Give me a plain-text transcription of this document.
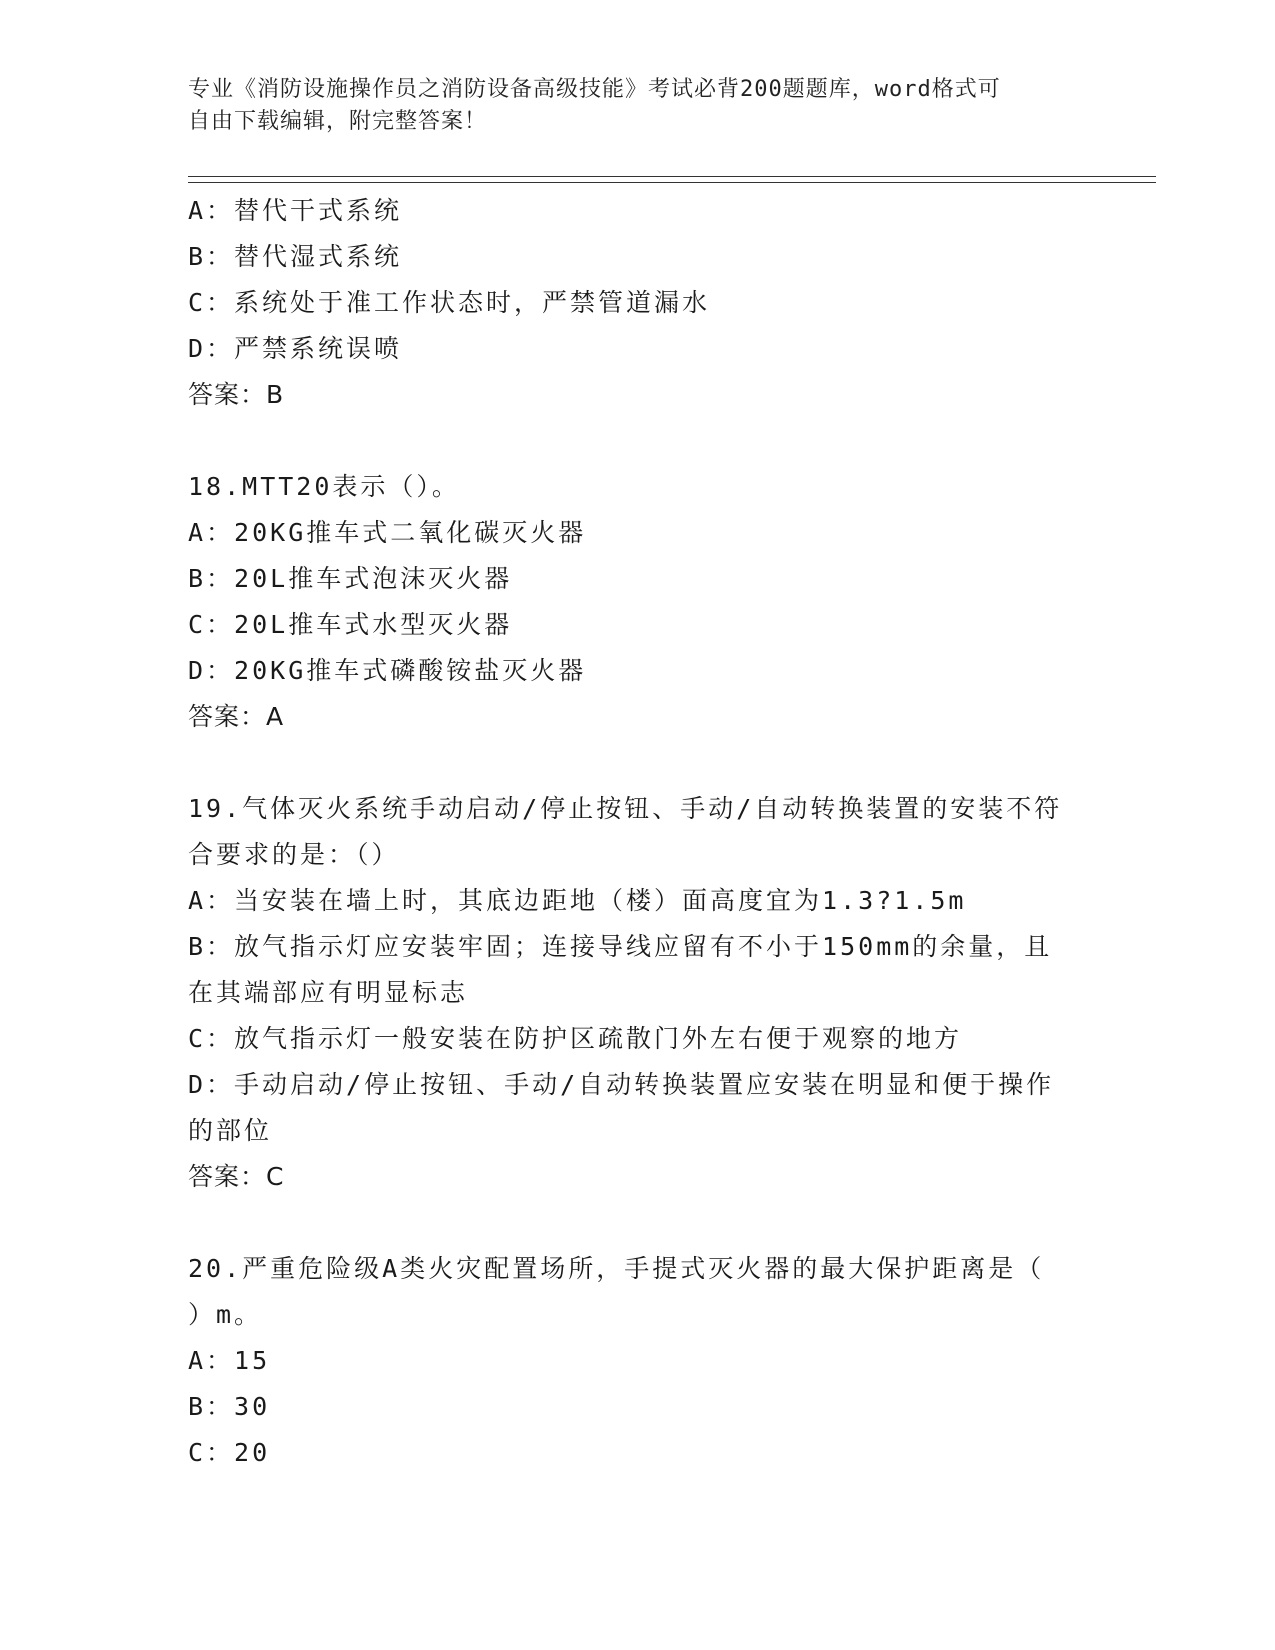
专业《消防设施操作员之消防设备高级技能》考试必背200题题库，word格式可
自由下载编辑，附完整答案！
A：替代干式系统
B：替代湿式系统
C：系统处于准工作状态时，严禁管道漏水
D：严禁系统误喷
答案：B
18.MTT20表示（）。
A：20KG推车式二氧化碳灭火器
B：20L推车式泡沫灭火器
C：20L推车式水型灭火器
D：20KG推车式磷酸铵盐灭火器
答案：A
19.气体灭火系统手动启动/停止按钮、手动/自动转换装置的安装不符
合要求的是：（）
A：当安装在墙上时，其底边距地（楼）面高度宜为1.3?1.5m
B：放气指示灯应安装牢固；连接导线应留有不小于150mm的余量，且
在其端部应有明显标志
C：放气指示灯一般安装在防护区疏散门外左右便于观察的地方
D：手动启动/停止按钮、手动/自动转换装置应安装在明显和便于操作
的部位
答案：C
20.严重危险级A类火灾配置场所，手提式灭火器的最大保护距离是（
）m。
A：15
B：30
C：20
